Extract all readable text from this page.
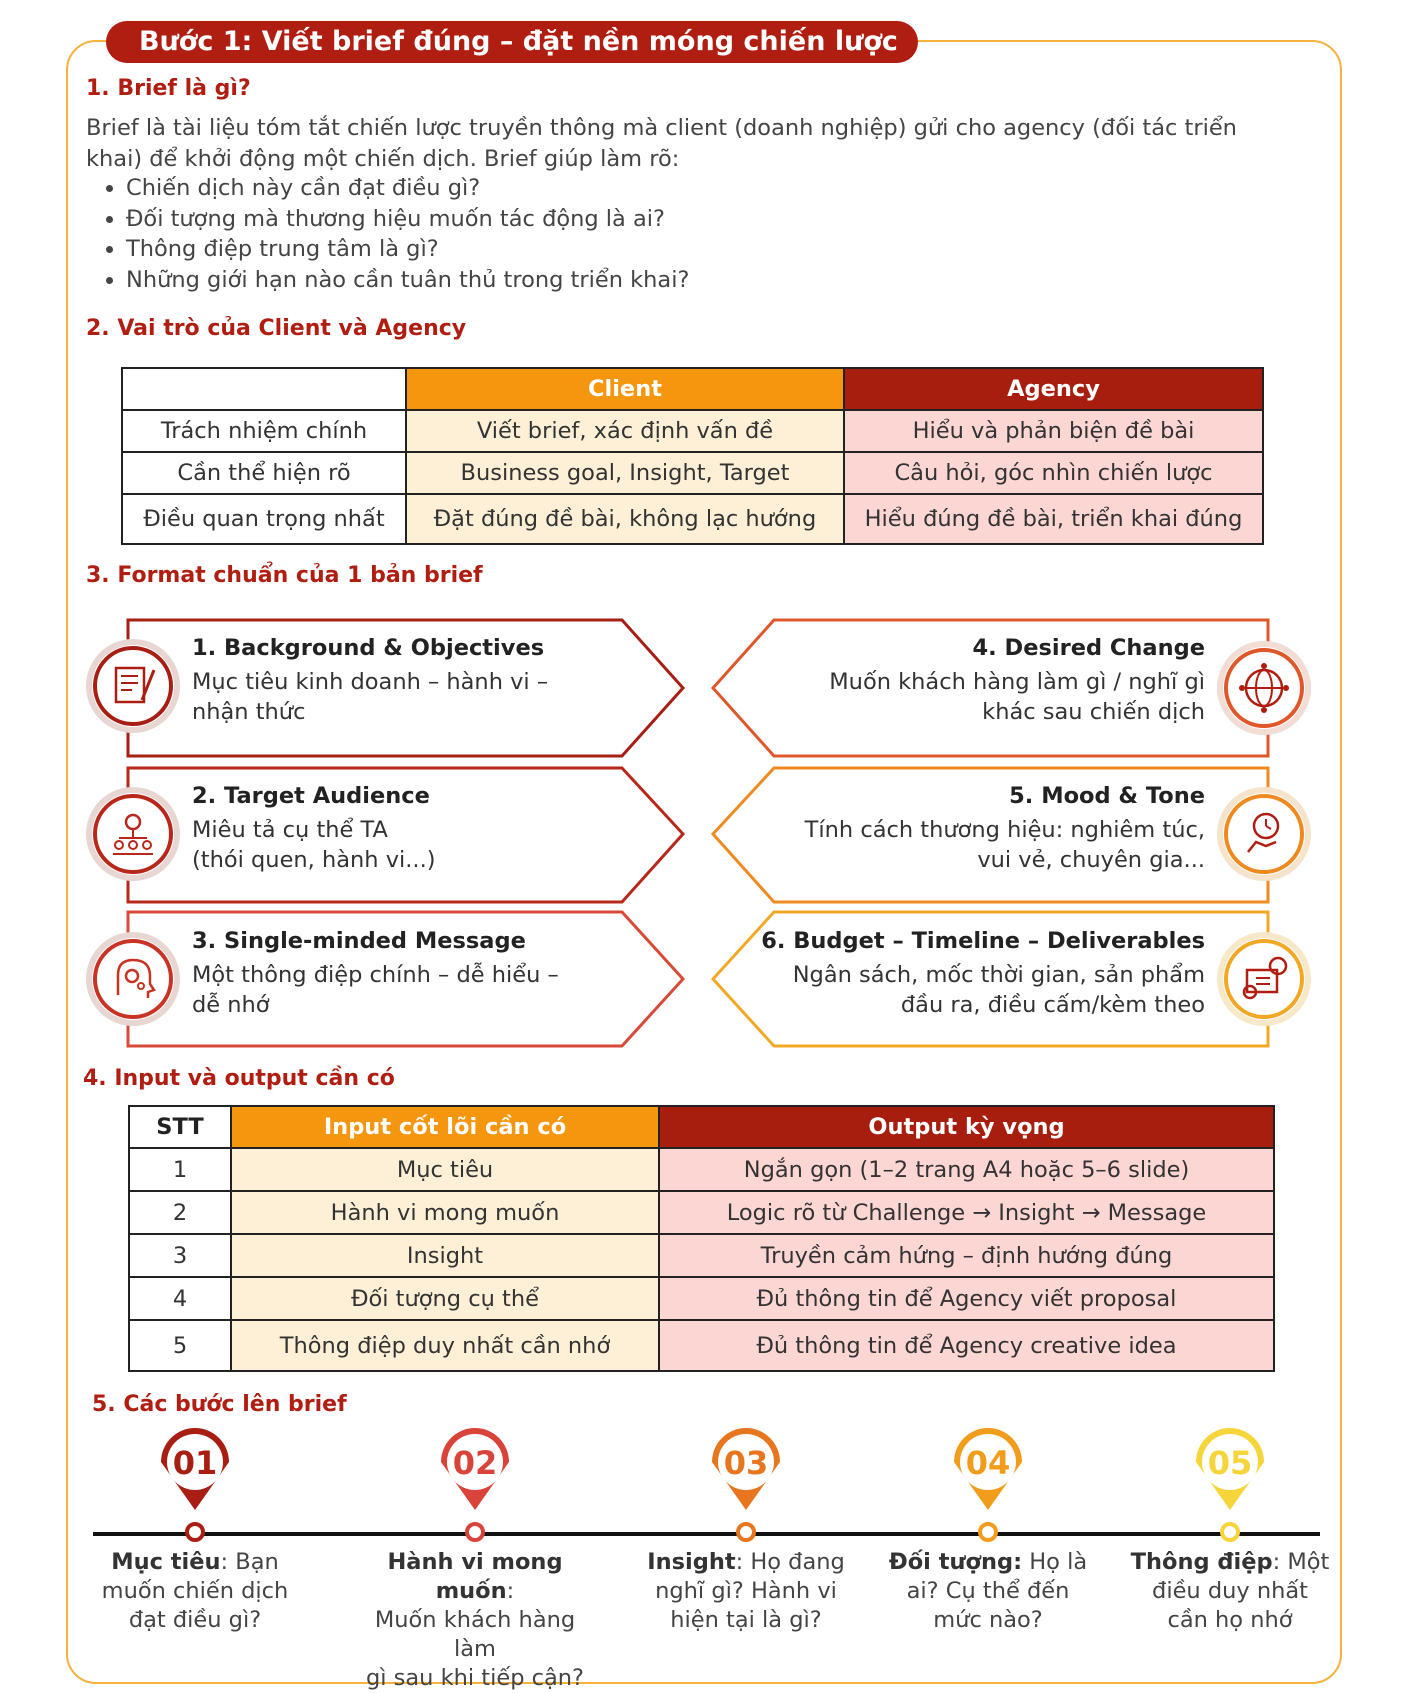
Bước 1: Viết brief đúng – đặt nền móng chiến lược
1. Brief là gì?
Brief là tài liệu tóm tắt chiến lược truyền thông mà client (doanh nghiệp) gửi cho agency (đối tác triển
khai) để khởi động một chiến dịch. Brief giúp làm rõ:
• Chiến dịch này cần đạt điều gì?
• Đối tượng mà thương hiệu muốn tác động là ai?
• Thông điệp trung tâm là gì?
• Những giới hạn nào cần tuân thủ trong triển khai?
2. Vai trò của Client và Agency
	Client	Agency
Trách nhiệm chính	Viết brief, xác định vấn đề	Hiểu và phản biện đề bài
Cần thể hiện rõ	Business goal, Insight, Target	Câu hỏi, góc nhìn chiến lược
Điều quan trọng nhất	Đặt đúng đề bài, không lạc hướng	Hiểu đúng đề bài, triển khai đúng
3. Format chuẩn của 1 bản brief
1. Background & Objectives
Mục tiêu kinh doanh – hành vi –
nhận thức
2. Target Audience
Miêu tả cụ thể TA
(thói quen, hành vi...)
3. Single-minded Message
Một thông điệp chính – dễ hiểu –
dễ nhớ
4. Desired Change
Muốn khách hàng làm gì / nghĩ gì
khác sau chiến dịch
5. Mood & Tone
Tính cách thương hiệu: nghiêm túc,
vui vẻ, chuyên gia...
6. Budget – Timeline – Deliverables
Ngân sách, mốc thời gian, sản phẩm
đầu ra, điều cấm/kèm theo
4. Input và output cần có
STT	Input cốt lõi cần có	Output kỳ vọng
1	Mục tiêu	Ngắn gọn (1–2 trang A4 hoặc 5–6 slide)
2	Hành vi mong muốn	Logic rõ từ Challenge → Insight → Message
3	Insight	Truyền cảm hứng – định hướng đúng
4	Đối tượng cụ thể	Đủ thông tin để Agency viết proposal
5	Thông điệp duy nhất cần nhớ	Đủ thông tin để Agency creative idea
5. Các bước lên brief
01	02	03	04	05
Mục tiêu: Bạn
muốn chiến dịch
đạt điều gì?
Hành vi mong muốn:
Muốn khách hàng làm
gì sau khi tiếp cận?
Insight: Họ đang
nghĩ gì? Hành vi
hiện tại là gì?
Đối tượng: Họ là
ai? Cụ thể đến
mức nào?
Thông điệp: Một
điều duy nhất
cần họ nhớ
